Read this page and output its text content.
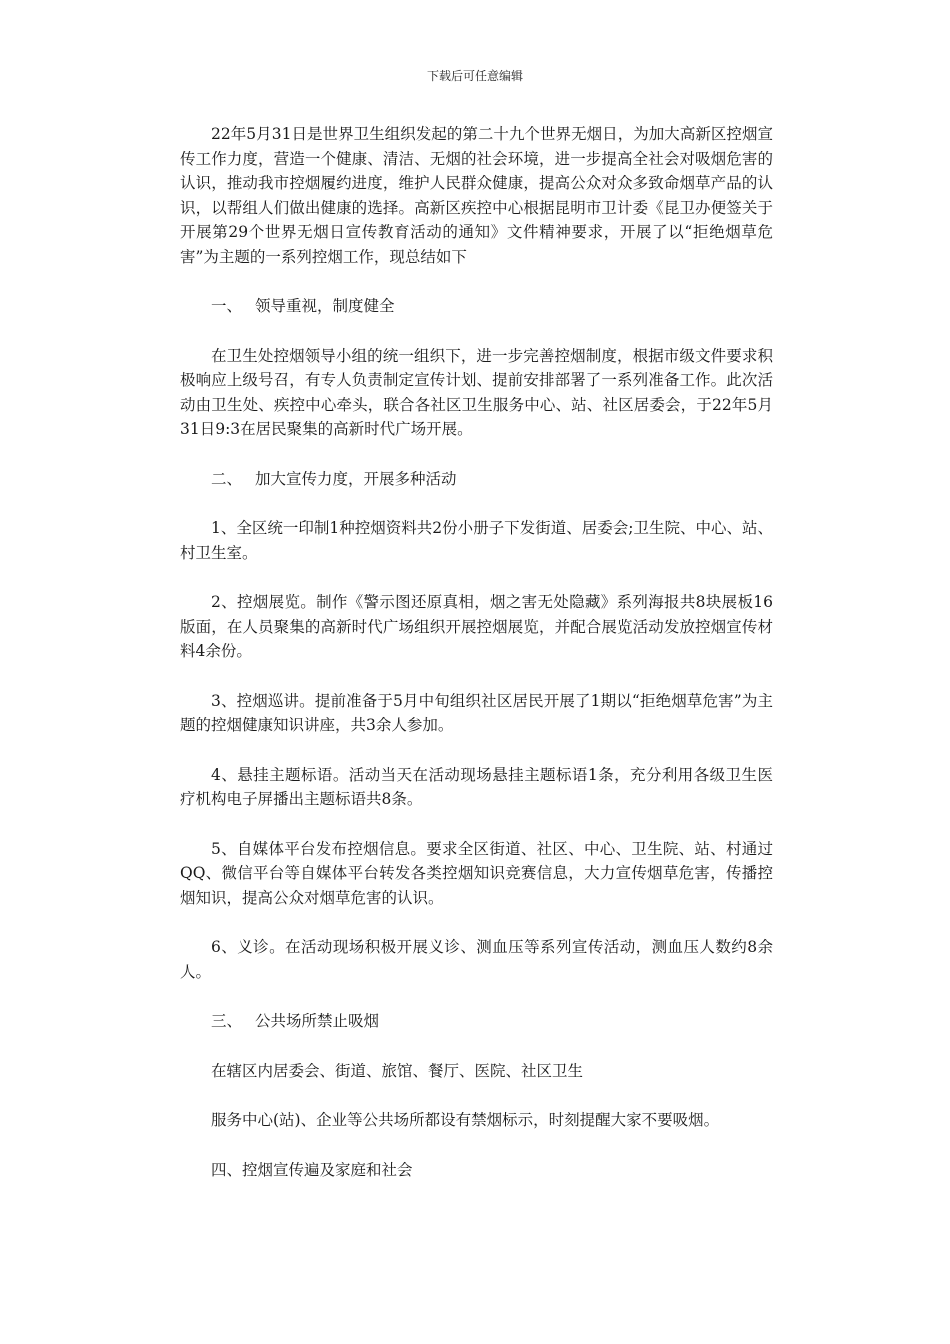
下载后可任意编辑

22年5月31日是世界卫生组织发起的第二十九个世界无烟日，为加大高新区控烟宣传工作力度，营造一个健康、清洁、无烟的社会环境，进一步提高全社会对吸烟危害的认识，推动我市控烟履约进度，维护人民群众健康，提高公众对众多致命烟草产品的认识，以帮组人们做出健康的选择。高新区疾控中心根据昆明市卫计委《昆卫办便签关于开展第29个世界无烟日宣传教育活动的通知》文件精神要求，开展了以“拒绝烟草危害”为主题的一系列控烟工作，现总结如下

一、 领导重视，制度健全

在卫生处控烟领导小组的统一组织下，进一步完善控烟制度，根据市级文件要求积极响应上级号召，有专人负责制定宣传计划、提前安排部署了一系列准备工作。此次活动由卫生处、疾控中心牵头，联合各社区卫生服务中心、站、社区居委会，于22年5月31日9:3在居民聚集的高新时代广场开展。

二、 加大宣传力度，开展多种活动

1、全区统一印制1种控烟资料共2份小册子下发街道、居委会;卫生院、中心、站、村卫生室。

2、控烟展览。制作《警示图还原真相，烟之害无处隐藏》系列海报共8块展板16版面，在人员聚集的高新时代广场组织开展控烟展览，并配合展览活动发放控烟宣传材料4余份。

3、控烟巡讲。提前准备于5月中旬组织社区居民开展了1期以“拒绝烟草危害”为主题的控烟健康知识讲座，共3余人参加。

4、悬挂主题标语。活动当天在活动现场悬挂主题标语1条，充分利用各级卫生医疗机构电子屏播出主题标语共8条。

5、自媒体平台发布控烟信息。要求全区街道、社区、中心、卫生院、站、村通过QQ、微信平台等自媒体平台转发各类控烟知识竞赛信息，大力宣传烟草危害，传播控烟知识，提高公众对烟草危害的认识。

6、义诊。在活动现场积极开展义诊、测血压等系列宣传活动，测血压人数约8余人。

三、 公共场所禁止吸烟

在辖区内居委会、街道、旅馆、餐厅、医院、社区卫生

服务中心(站)、企业等公共场所都设有禁烟标示，时刻提醒大家不要吸烟。

四、控烟宣传遍及家庭和社会
